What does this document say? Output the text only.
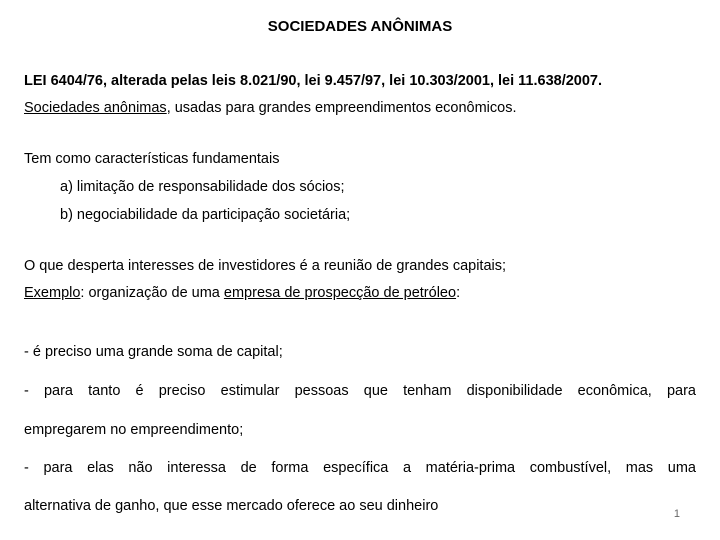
SOCIEDADES ANÔNIMAS
LEI 6404/76, alterada pelas leis 8.021/90, lei 9.457/97, lei 10.303/2001, lei 11.638/2007.
Sociedades anônimas, usadas para grandes empreendimentos econômicos.
Tem como características fundamentais
a) limitação de responsabilidade dos sócios;
b) negociabilidade da participação societária;
O que desperta interesses de investidores é a reunião de grandes capitais;
Exemplo: organização de uma empresa de prospecção de petróleo:
- é preciso uma grande soma de capital;
- para tanto é preciso estimular pessoas que tenham disponibilidade econômica, para
empregarem no empreendimento;
- para elas não interessa de forma específica a matéria-prima combustível, mas uma
alternativa de ganho, que esse mercado oferece ao seu dinheiro	1
